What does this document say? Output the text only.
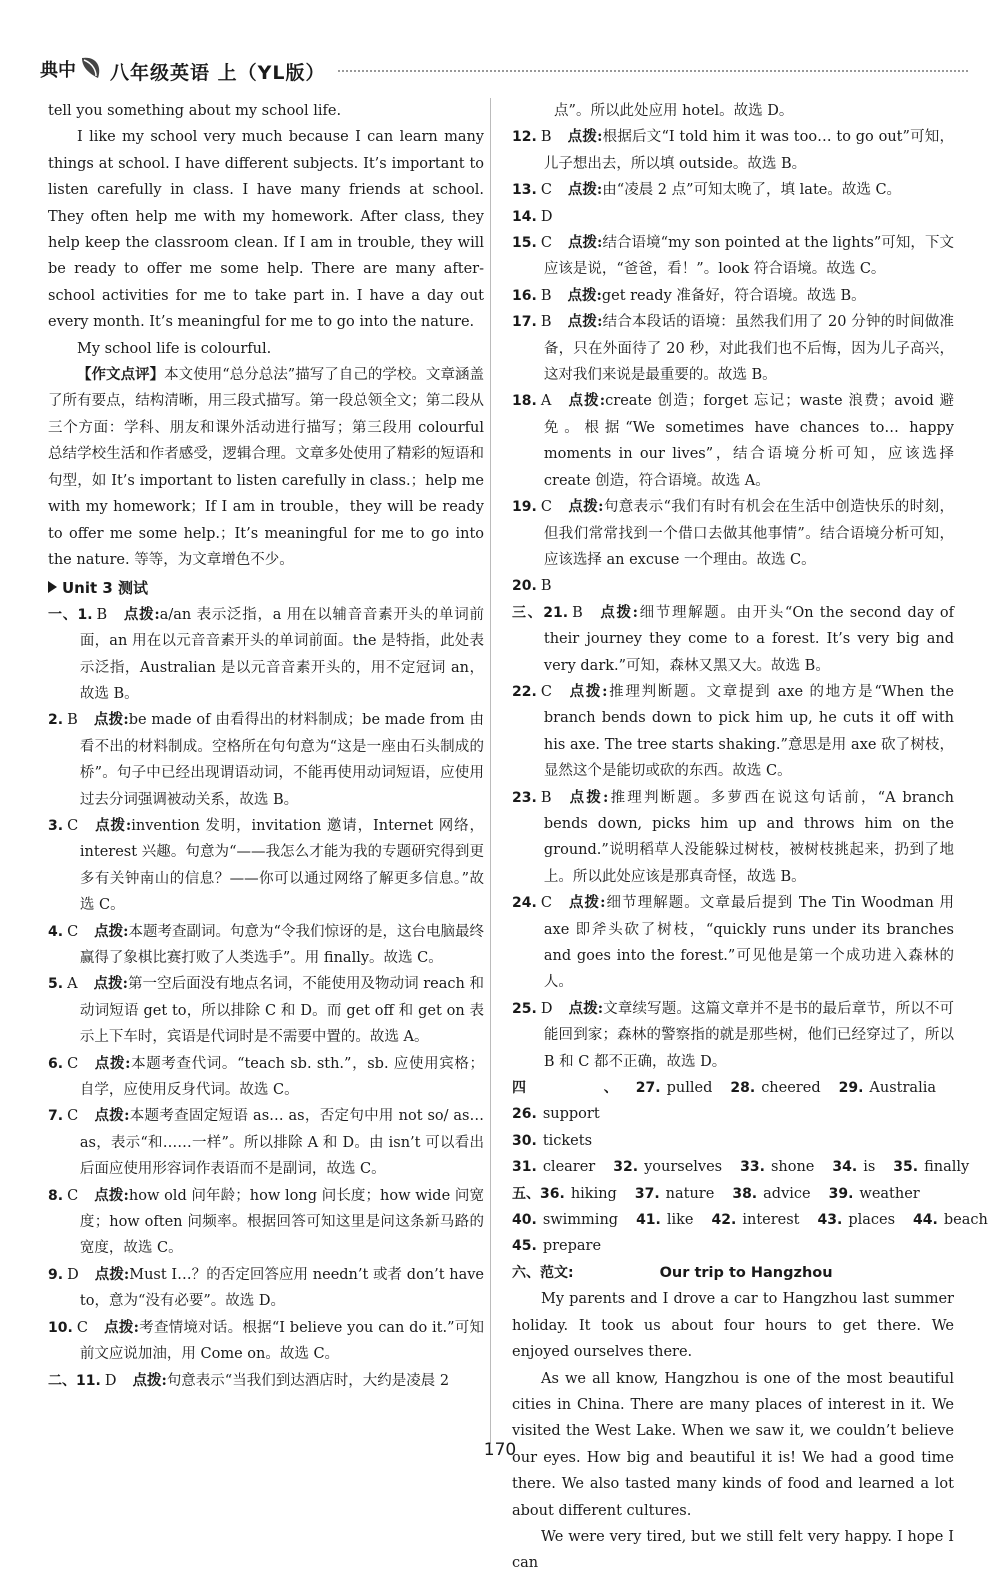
典中 八年级英语 上（YL版）

tell you something about my school life.

I like my school very much because I can learn many things at school. I have different subjects. It’s important to listen carefully in class. I have many friends at school. They often help me with my homework. After class, they help keep the classroom clean. If I am in trouble, they will be ready to offer me some help. There are many after-school activities for me to take part in. I have a day out every month. It’s meaningful for me to go into the nature.

My school life is colourful.

【作文点评】本文使用“总分总法”描写了自己的学校。文章涵盖了所有要点，结构清晰，用三段式描写。第一段总领全文；第二段从三个方面：学科、朋友和课外活动进行描写；第三段用 colourful 总结学校生活和作者感受，逻辑合理。文章多处使用了精彩的短语和句型，如 It’s important to listen carefully in class.；help me with my homework；If I am in trouble，they will be ready to offer me some help.；It’s meaningful for me to go into the nature. 等等，为文章增色不少。

Unit 3 测试

一、1. B 点拨:a/an 表示泛指，a 用在以辅音音素开头的单词前面，an 用在以元音音素开头的单词前面。the 是特指，此处表示泛指，Australian 是以元音音素开头的，用不定冠词 an，故选 B。

2. B 点拨:be made of 由看得出的材料制成；be made from 由看不出的材料制成。空格所在句句意为“这是一座由石头制成的桥”。句子中已经出现谓语动词，不能再使用动词短语，应使用过去分词强调被动关系，故选 B。

3. C 点拨:invention 发明，invitation 邀请，Internet 网络，interest 兴趣。句意为“——我怎么才能为我的专题研究得到更多有关钟南山的信息？——你可以通过网络了解更多信息。”故选 C。

4. C 点拨:本题考查副词。句意为“令我们惊讶的是，这台电脑最终赢得了象棋比赛打败了人类选手”。用 finally。故选 C。

5. A 点拨:第一空后面没有地点名词，不能使用及物动词 reach 和动词短语 get to，所以排除 C 和 D。而 get off 和 get on 表示上下车时，宾语是代词时是不需要中置的。故选 A。

6. C 点拨:本题考查代词。“teach sb. sth.”，sb. 应使用宾格；自学，应使用反身代词。故选 C。

7. C 点拨:本题考查固定短语 as… as，否定句中用 not so/ as… as，表示“和……一样”。所以排除 A 和 D。由 isn’t 可以看出后面应使用形容词作表语而不是副词，故选 C。

8. C 点拨:how old 问年龄；how long 问长度；how wide 问宽度；how often 问频率。根据回答可知这里是问这条新马路的宽度，故选 C。

9. D 点拨:Must I…？的否定回答应用 needn’t 或者 don’t have to，意为“没有必要”。故选 D。

10. C 点拨:考查情境对话。根据“I believe you can do it.”可知前文应说加油，用 Come on。故选 C。

二、11. D 点拨:句意表示“当我们到达酒店时，大约是凌晨 2

点”。所以此处应用 hotel。故选 D。

12. B 点拨:根据后文“I told him it was too… to go out”可知，儿子想出去，所以填 outside。故选 B。

13. C 点拨:由“凌晨 2 点”可知太晚了，填 late。故选 C。

14. D

15. C 点拨:结合语境“my son pointed at the lights”可知，下文应该是说，“爸爸，看！”。look 符合语境。故选 C。

16. B 点拨:get ready 准备好，符合语境。故选 B。

17. B 点拨:结合本段话的语境：虽然我们用了 20 分钟的时间做准备，只在外面待了 20 秒，对此我们也不后悔，因为儿子高兴，这对我们来说是最重要的。故选 B。

18. A 点拨:create 创造；forget 忘记；waste 浪费；avoid 避免。根据“We sometimes have chances to… happy moments in our lives”，结合语境分析可知，应该选择 create 创造，符合语境。故选 A。

19. C 点拨:句意表示“我们有时有机会在生活中创造快乐的时刻，但我们常常找到一个借口去做其他事情”。结合语境分析可知，应该选择 an excuse 一个理由。故选 C。

20. B

三、21. B 点拨:细节理解题。由开头“On the second day of their journey they come to a forest. It’s very big and very dark.”可知，森林又黑又大。故选 B。

22. C 点拨:推理判断题。文章提到 axe 的地方是“When the branch bends down to pick him up, he cuts it off with his axe. The tree starts shaking.”意思是用 axe 砍了树枝，显然这个是能切或砍的东西。故选 C。

23. B 点拨:推理判断题。多萝西在说这句话前，“A branch bends down, picks him up and throws him on the ground.”说明稻草人没能躲过树枝，被树枝挑起来，扔到了地上。所以此处应该是那真奇怪，故选 B。

24. C 点拨:细节理解题。文章最后提到 The Tin Woodman 用 axe 即斧头砍了树枝，“quickly runs under its branches and goes into the forest.”可见他是第一个成功进入森林的人。

25. D 点拨:文章续写题。这篇文章并不是书的最后章节，所以不可能回到家；森林的警察指的就是那些树，他们已经穿过了，所以 B 和 C 都不正确，故选 D。

四、26. support
27. pulled 28. cheered 29. Australia
30. tickets
31. clearer 32. yourselves 33. shone 34. is 35. finally
五、36. hiking 37. nature 38. advice 39. weather
40. swimming 41. like 42. interest 43. places 44. beach
45. prepare

六、范文:	Our trip to Hangzhou

My parents and I drove a car to Hangzhou last summer holiday. It took us about four hours to get there. We enjoyed ourselves there.

As we all know, Hangzhou is one of the most beautiful cities in China. There are many places of interest in it. We visited the West Lake. When we saw it, we couldn’t believe our eyes. How big and beautiful it is! We had a good time there. We also tasted many kinds of food and learned a lot about different cultures.

We were very tired, but we still felt very happy. I hope I can

170
